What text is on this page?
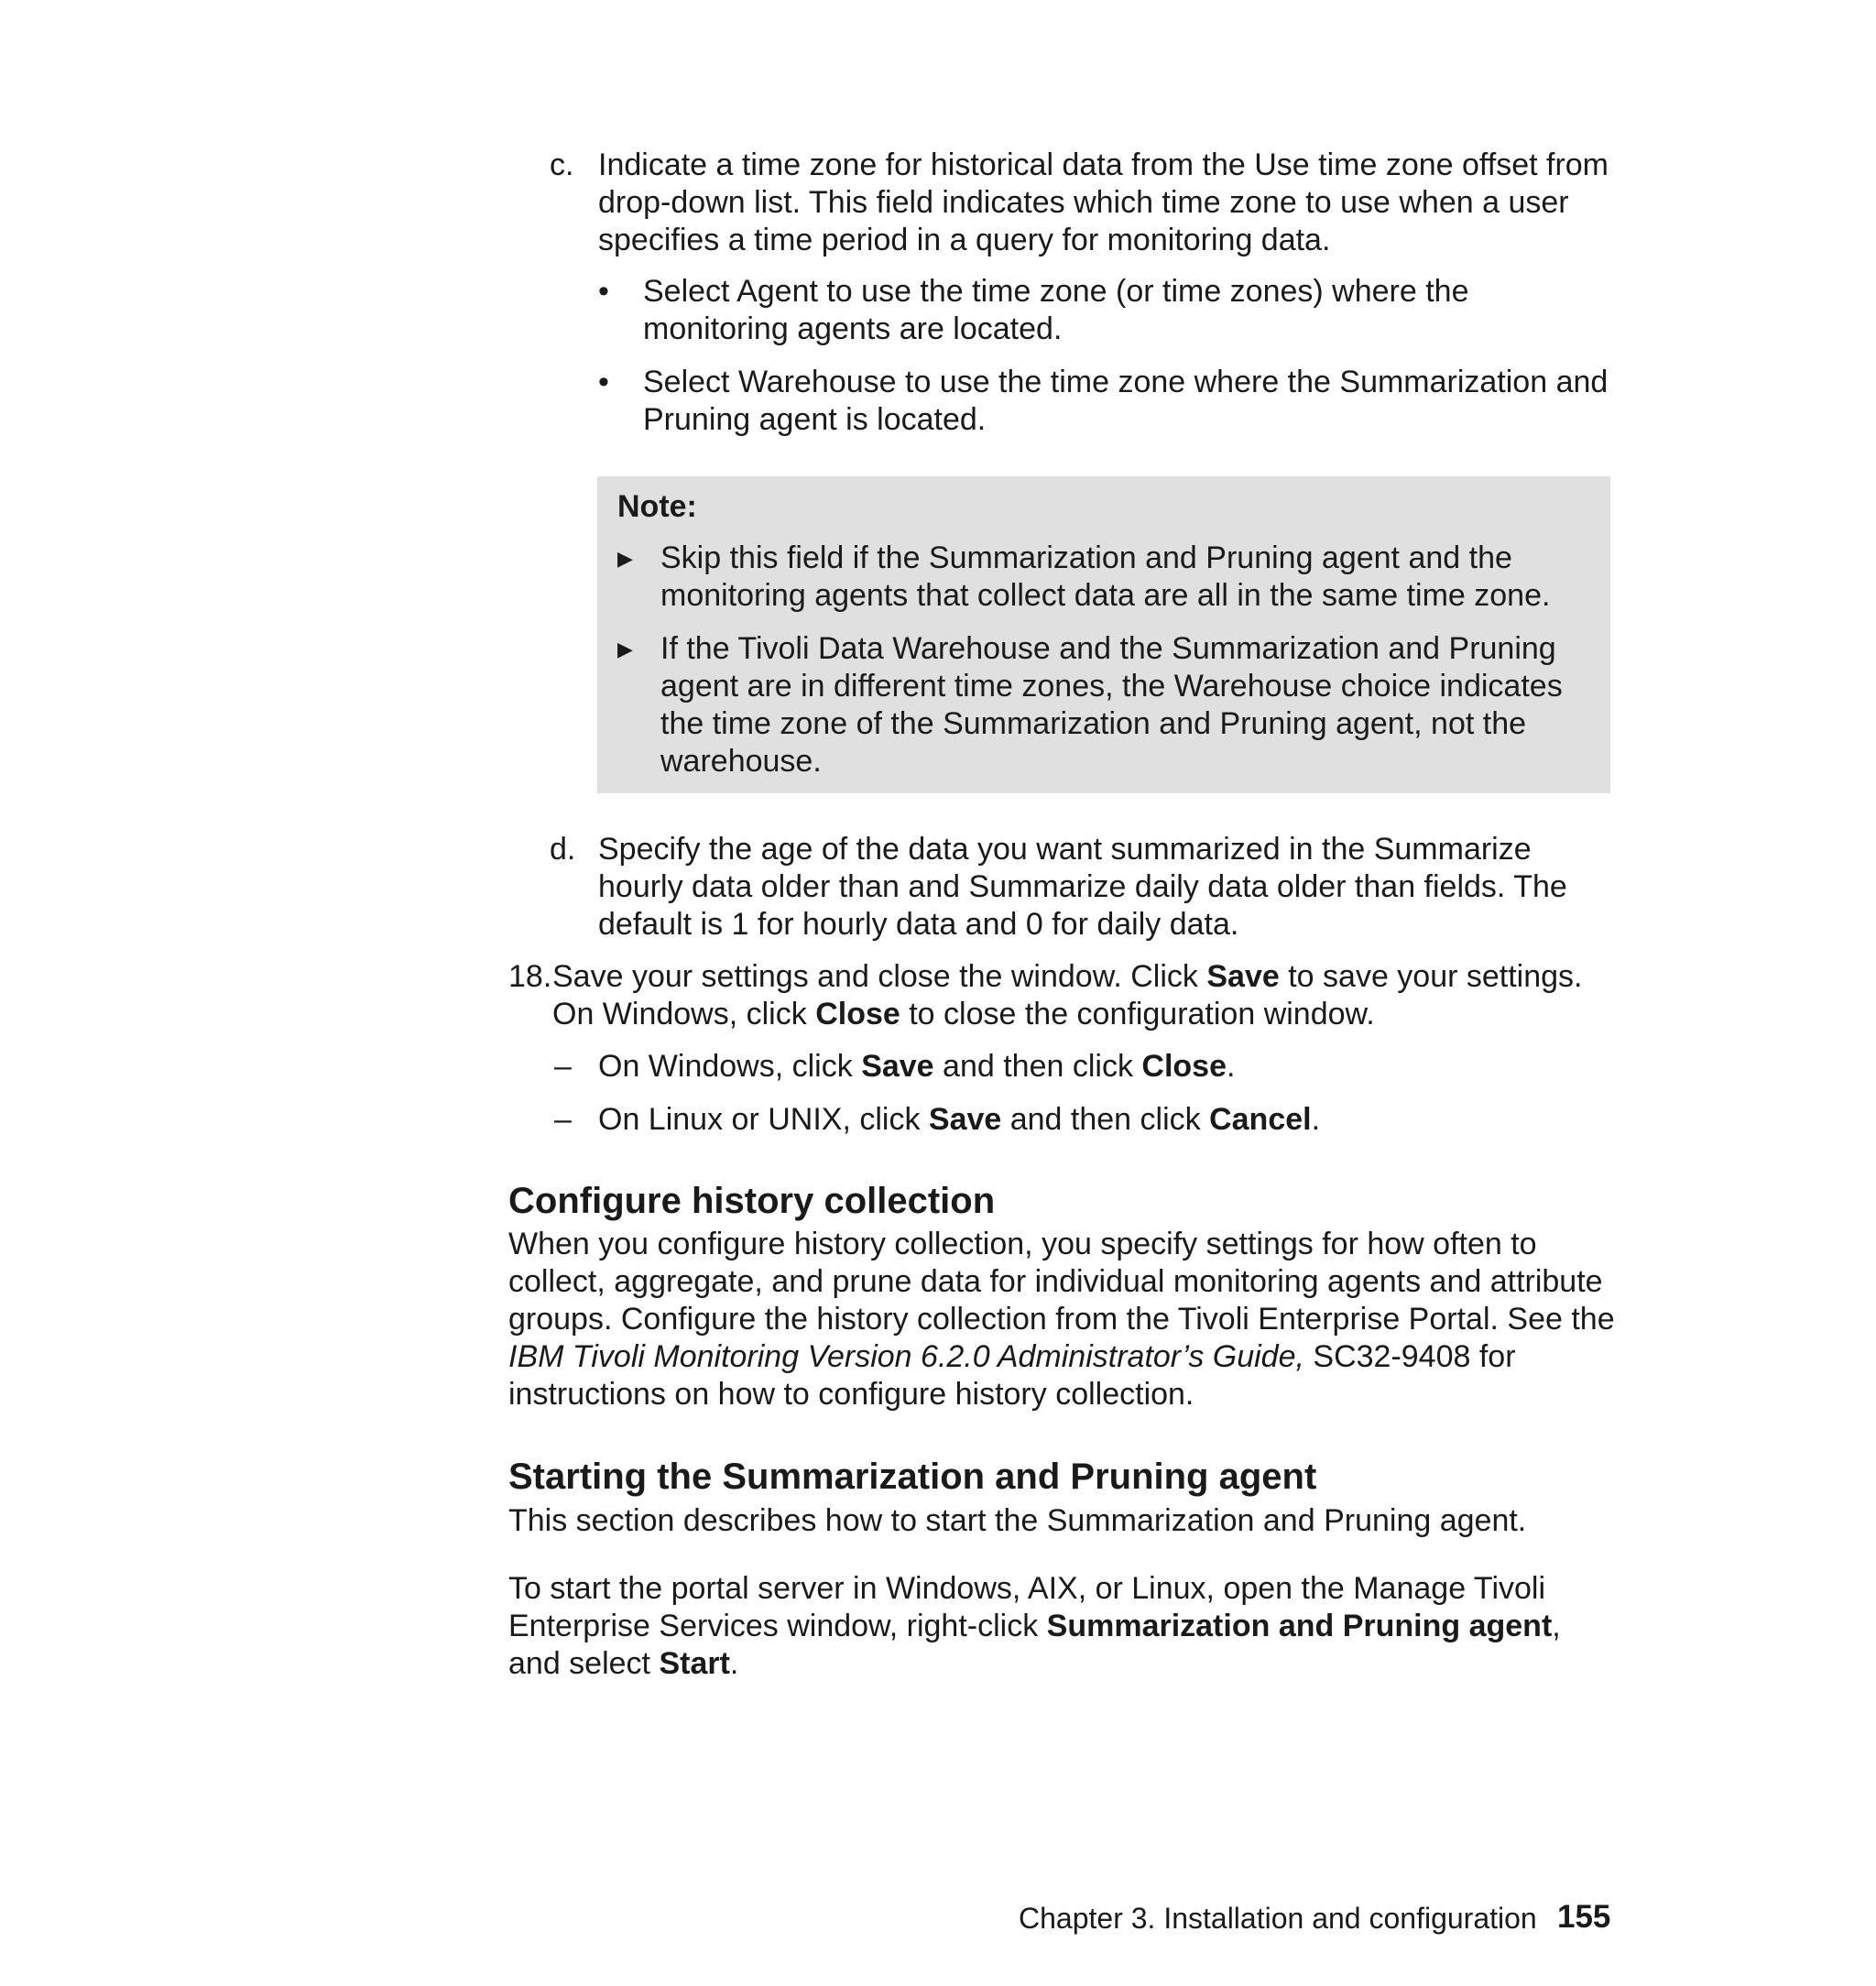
c. Indicate a time zone for historical data from the Use time zone offset from drop-down list. This field indicates which time zone to use when a user specifies a time period in a query for monitoring data.

•	Select Agent to use the time zone (or time zones) where the monitoring agents are located.

•	Select Warehouse to use the time zone where the Summarization and Pruning agent is located.

Note:
▶ Skip this field if the Summarization and Pruning agent and the monitoring agents that collect data are all in the same time zone.

▶ If the Tivoli Data Warehouse and the Summarization and Pruning agent are in different time zones, the Warehouse choice indicates the time zone of the Summarization and Pruning agent, not the warehouse.

d. Specify the age of the data you want summarized in the Summarize hourly data older than and Summarize daily data older than fields. The default is 1 for hourly data and 0 for daily data.

18. Save your settings and close the window. Click Save to save your settings. On Windows, click Close to close the configuration window.

– On Windows, click Save and then click Close.

– On Linux or UNIX, click Save and then click Cancel.

Configure history collection

When you configure history collection, you specify settings for how often to collect, aggregate, and prune data for individual monitoring agents and attribute groups. Configure the history collection from the Tivoli Enterprise Portal. See the IBM Tivoli Monitoring Version 6.2.0 Administrator’s Guide, SC32-9408 for instructions on how to configure history collection.

Starting the Summarization and Pruning agent

This section describes how to start the Summarization and Pruning agent.

To start the portal server in Windows, AIX, or Linux, open the Manage Tivoli Enterprise Services window, right-click Summarization and Pruning agent, and select Start.

Chapter 3. Installation and configuration 155
